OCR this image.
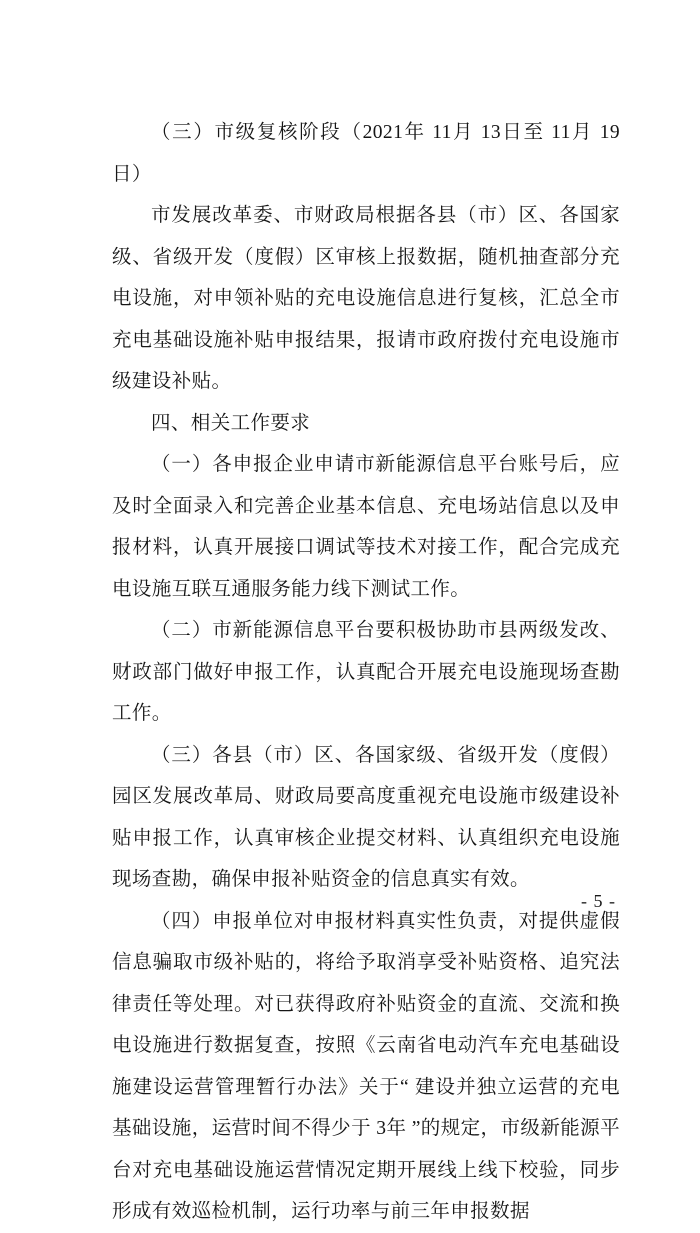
（三）市级复核阶段（2021年 11月 13日至 11月 19日）

市发展改革委、市财政局根据各县（市）区、各国家级、省级开发（度假）区审核上报数据，随机抽查部分充电设施，对申领补贴的充电设施信息进行复核，汇总全市充电基础设施补贴申报结果，报请市政府拨付充电设施市级建设补贴。

四、相关工作要求

（一）各申报企业申请市新能源信息平台账号后，应及时全面录入和完善企业基本信息、充电场站信息以及申报材料，认真开展接口调试等技术对接工作，配合完成充电设施互联互通服务能力线下测试工作。

（二）市新能源信息平台要积极协助市县两级发改、财政部门做好申报工作，认真配合开展充电设施现场查勘工作。

（三）各县（市）区、各国家级、省级开发（度假）园区发展改革局、财政局要高度重视充电设施市级建设补贴申报工作，认真审核企业提交材料、认真组织充电设施现场查勘，确保申报补贴资金的信息真实有效。

（四）申报单位对申报材料真实性负责，对提供虚假信息骗取市级补贴的，将给予取消享受补贴资格、追究法律责任等处理。对已获得政府补贴资金的直流、交流和换电设施进行数据复查，按照《云南省电动汽车充电基础设施建设运营管理暂行办法》关于“ 建设并独立运营的充电基础设施，运营时间不得少于 3年 ”的规定，市级新能源平台对充电基础设施运营情况定期开展线上线下校验，同步形成有效巡检机制，运行功率与前三年申报数据

- 5 -
